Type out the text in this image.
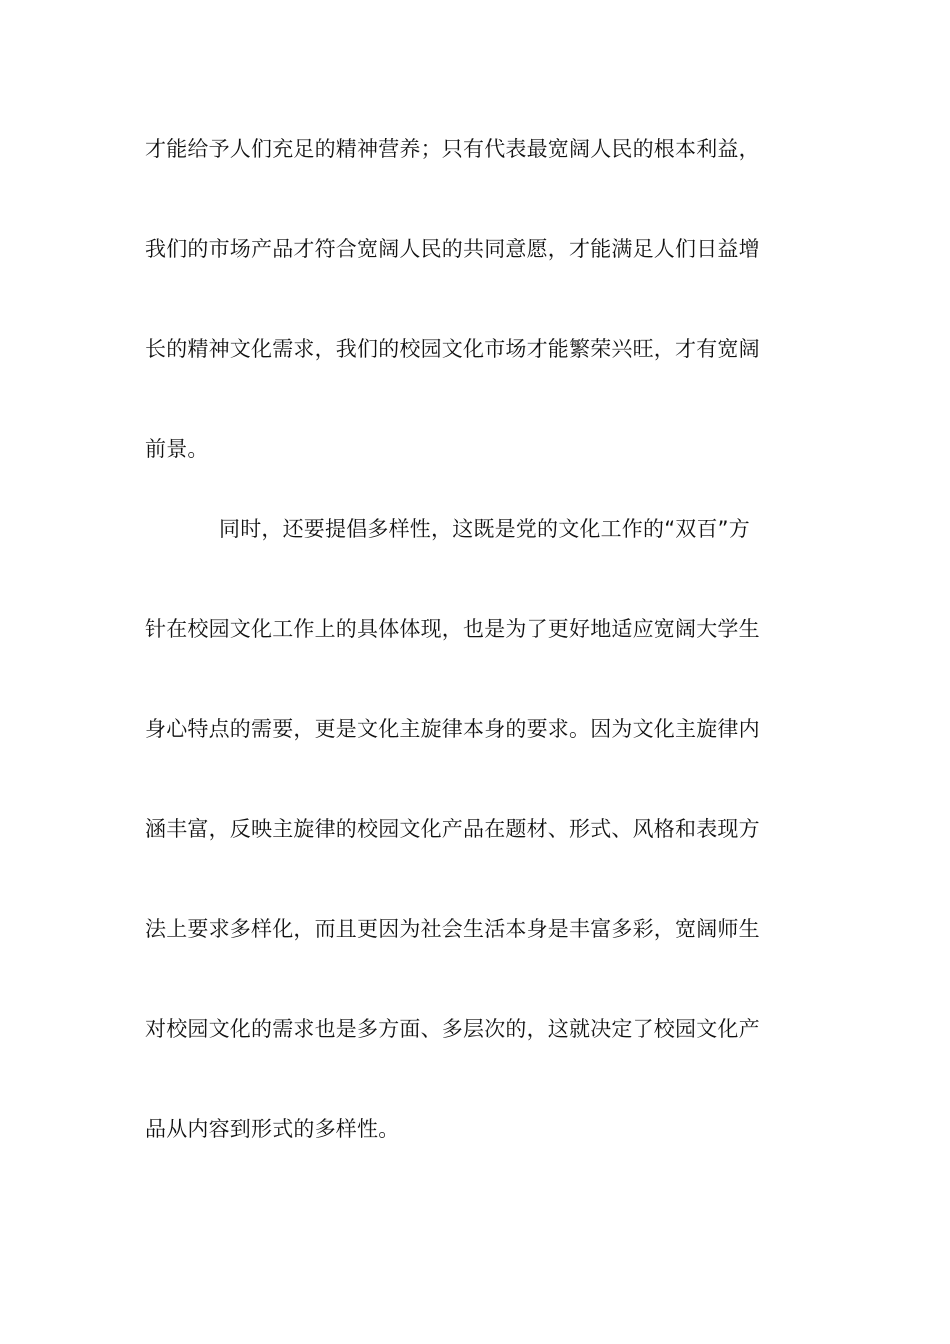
才能给予人们充足的精神营养；只有代表最宽阔人民的根本利益，
我们的市场产品才符合宽阔人民的共同意愿，才能满足人们日益增
长的精神文化需求，我们的校园文化市场才能繁荣兴旺，才有宽阔
前景。
同时，还要提倡多样性，这既是党的文化工作的“双百”方
针在校园文化工作上的具体体现，也是为了更好地适应宽阔大学生
身心特点的需要，更是文化主旋律本身的要求。因为文化主旋律内
涵丰富，反映主旋律的校园文化产品在题材、形式、风格和表现方
法上要求多样化，而且更因为社会生活本身是丰富多彩，宽阔师生
对校园文化的需求也是多方面、多层次的，这就决定了校园文化产
品从内容到形式的多样性。
